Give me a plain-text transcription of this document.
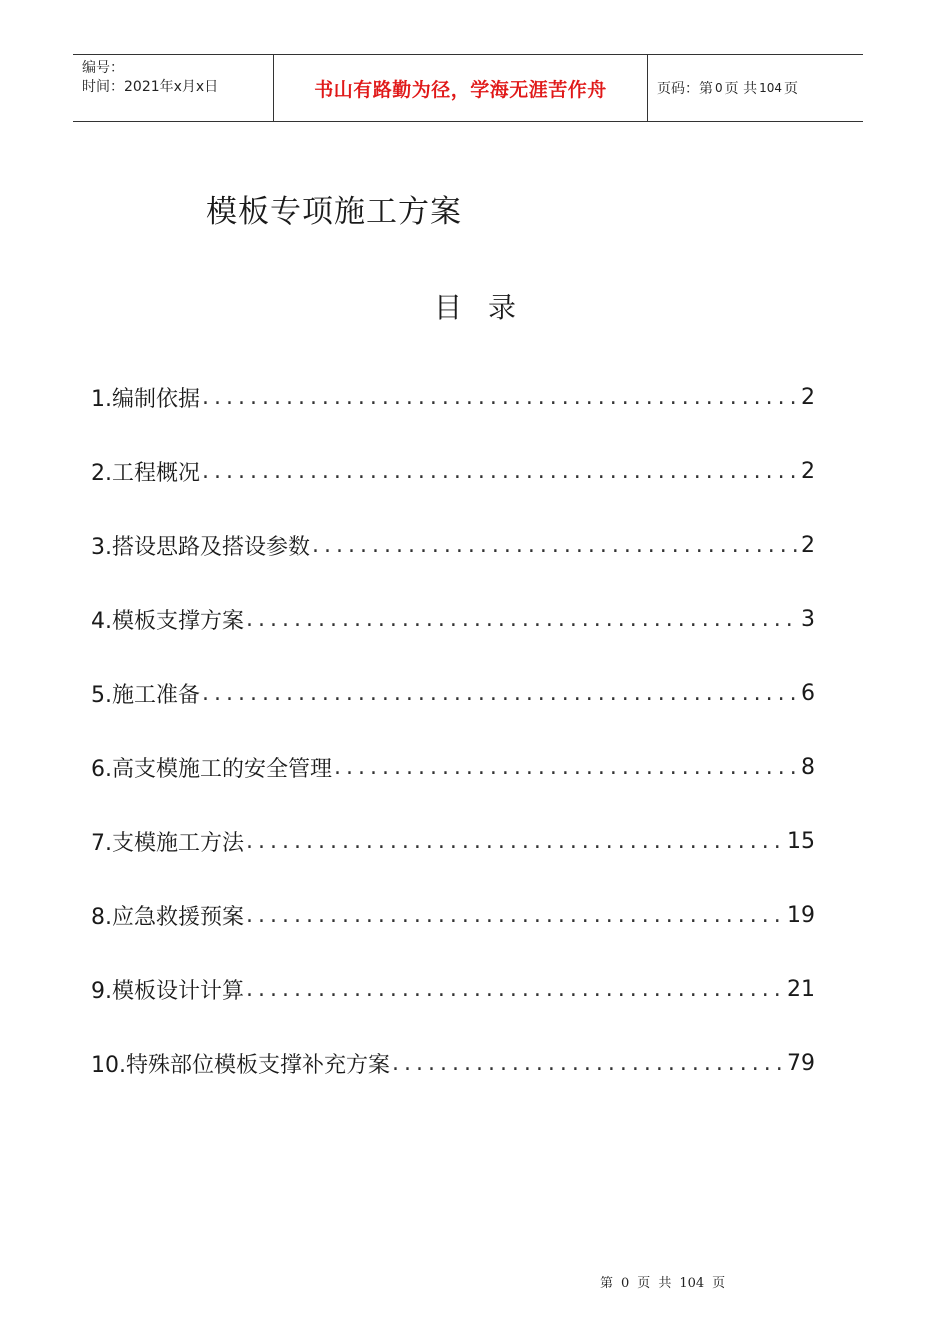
编号：
时间：2021年x月x日	书山有路勤为径，学海无涯苦作舟	页码：第 0 页 共 104 页
模板专项施工方案
目录
1.编制依据 .....	2
2.工程概况 .....	2
3.搭设思路及搭设参数 .....	2
4.模板支撑方案 .....	3
5.施工准备 .....	6
6.高支模施工的安全管理 .....	8
7.支模施工方法 .....	15
8.应急救援预案 .....	19
9.模板设计计算 .....	21
10.特殊部位模板支撑补充方案 .....	79
第 0 页 共 104 页
